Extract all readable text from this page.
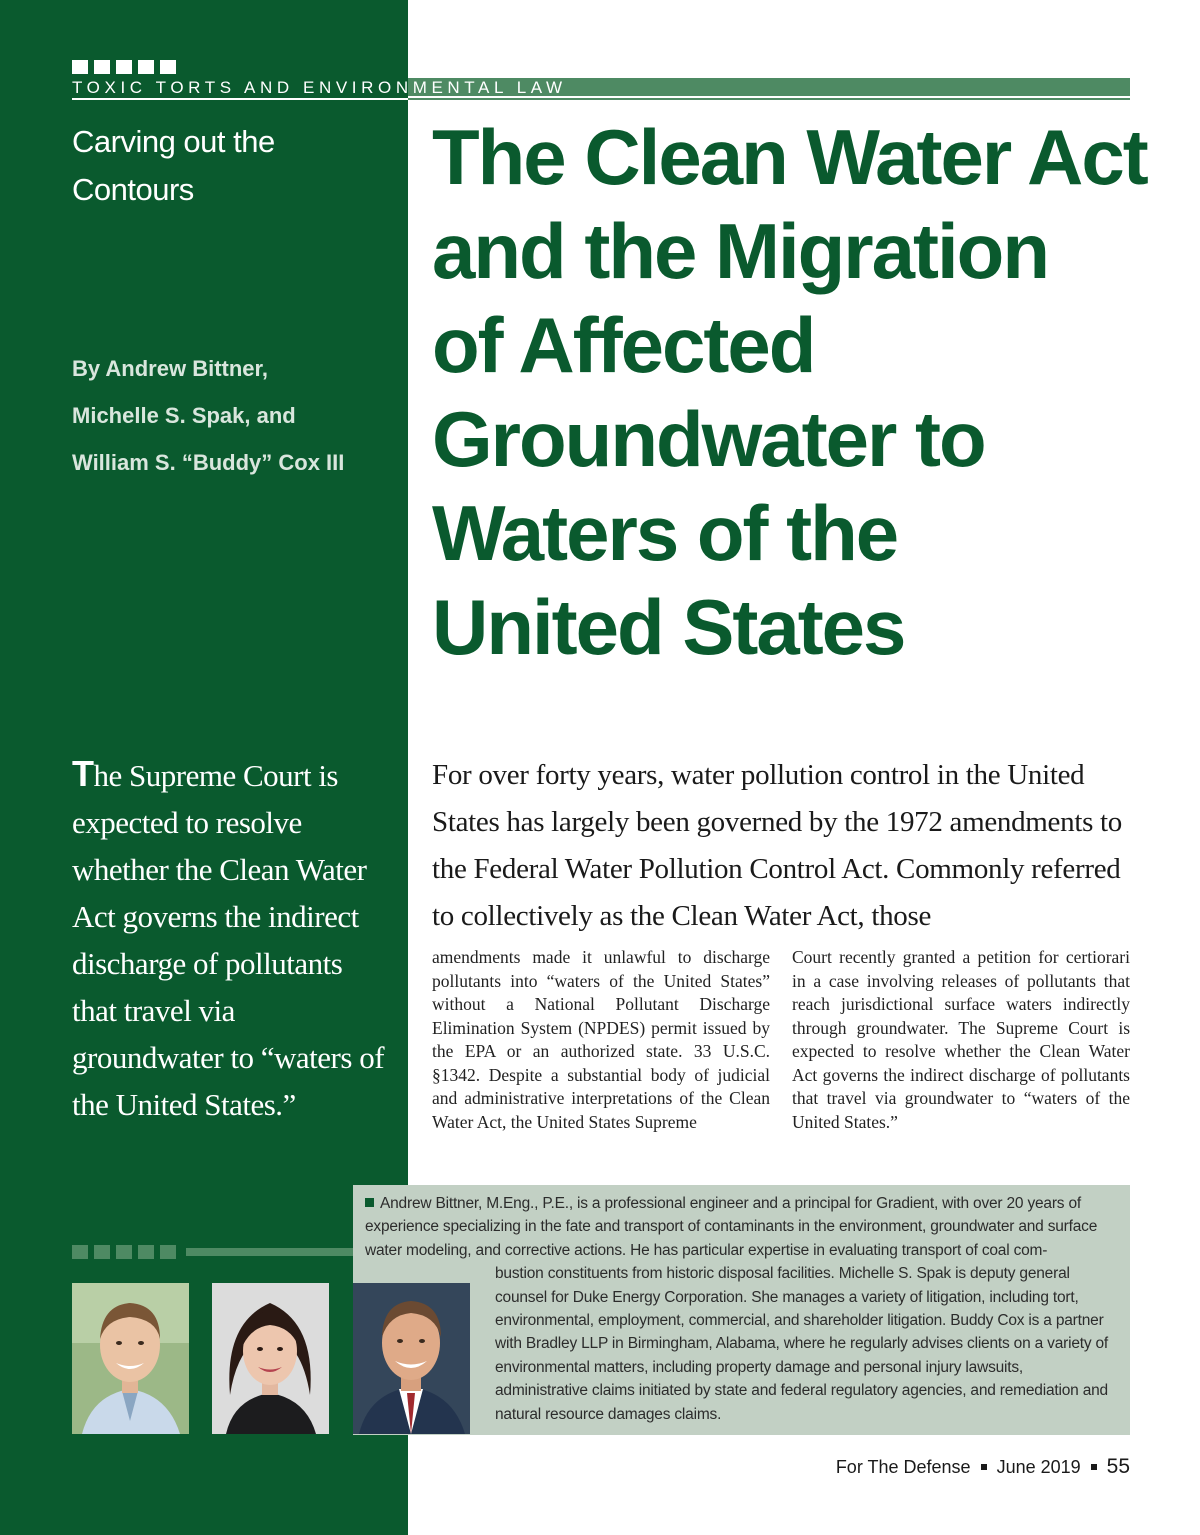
TOXIC TORTS AND ENVIRONMENTAL LAW
Carving out the
Contours
By Andrew Bittner,
Michelle S. Spak, and
William S. “Buddy” Cox III
The Clean Water Act
and the Migration
of Affected
Groundwater to
Waters of the
United States

The Supreme Court is expected to resolve whether the Clean Water Act governs the indirect discharge of pollutants that travel via groundwater to “waters of the United States.”

For over forty years, water pollution control in the United States has largely been governed by the 1972 amendments to the Federal Water Pollution Control Act. Commonly referred to collectively as the Clean Water Act, those

amendments made it unlawful to discharge pollutants into “waters of the United States” without a National Pollutant Discharge Elimination System (NPDES) permit issued by the EPA or an authorized state. 33 U.S.C. §1342. Despite a substantial body of judicial and administrative interpretations of the Clean Water Act, the United States Supreme

Court recently granted a petition for certiorari in a case involving releases of pollutants that reach jurisdictional surface waters indirectly through groundwater. The Supreme Court is expected to resolve whether the Clean Water Act governs the indirect discharge of pollutants that travel via groundwater to “waters of the United States.”

Andrew Bittner, M.Eng., P.E., is a professional engineer and a principal for Gradient, with over 20 years of experience specializing in the fate and transport of contaminants in the environment, groundwater and surface water modeling, and corrective actions. He has particular expertise in evaluating transport of coal com-
bustion constituents from historic disposal facilities. Michelle S. Spak is deputy general counsel for Duke Energy Corporation. She manages a variety of litigation, including tort, environmental, employment, commercial, and shareholder litigation. Buddy Cox is a partner with Bradley LLP in Birmingham, Alabama, where he regularly advises clients on a variety of environmental matters, including property damage and personal injury lawsuits, administrative claims initiated by state and federal regulatory agencies, and remediation and natural resource damages claims.

For The Defense June 2019 55
